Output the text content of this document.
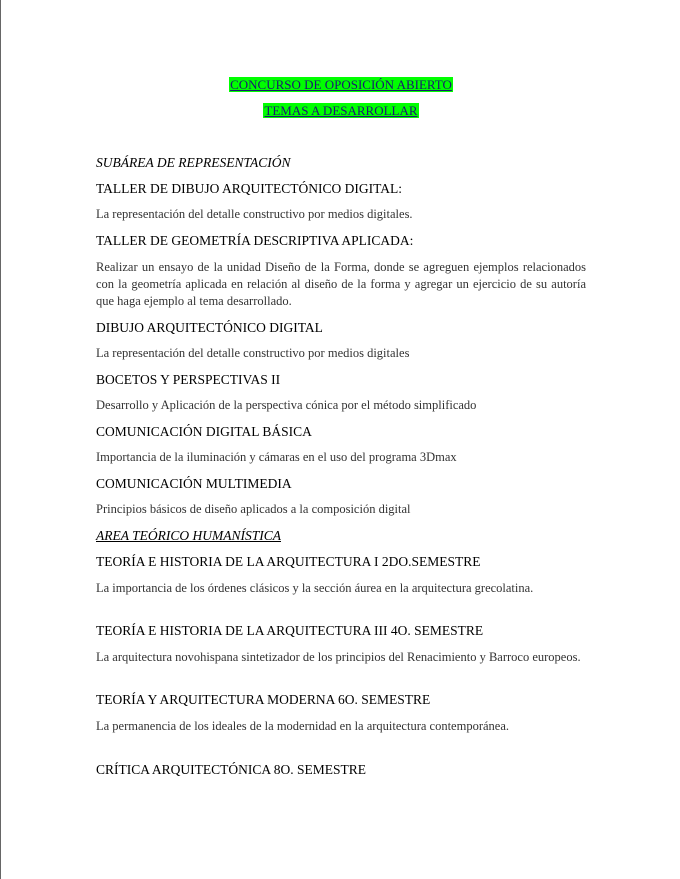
CONCURSO DE OPOSICIÓN ABIERTO
TEMAS A DESARROLLAR
SUBÁREA DE REPRESENTACIÓN
TALLER DE DIBUJO ARQUITECTÓNICO DIGITAL:
La representación del detalle constructivo por medios digitales.
TALLER DE GEOMETRÍA DESCRIPTIVA APLICADA:
Realizar un ensayo de la unidad Diseño de la Forma, donde se agreguen ejemplos relacionados con la geometría aplicada en relación al diseño de la forma y agregar un ejercicio de su autoría que haga ejemplo al tema desarrollado.
DIBUJO ARQUITECTÓNICO DIGITAL
La representación del detalle constructivo por medios digitales
BOCETOS Y PERSPECTIVAS II
Desarrollo y Aplicación de la perspectiva cónica por el método simplificado
COMUNICACIÓN DIGITAL BÁSICA
Importancia de la iluminación y cámaras en el uso del programa 3Dmax
COMUNICACIÓN MULTIMEDIA
Principios básicos de diseño aplicados a la composición digital
AREA TEÓRICO HUMANÍSTICA
TEORÍA E HISTORIA DE LA ARQUITECTURA I 2DO.SEMESTRE
La importancia de los órdenes clásicos y la sección áurea en la arquitectura grecolatina.
TEORÍA E HISTORIA DE LA ARQUITECTURA III 4O. SEMESTRE
La arquitectura novohispana sintetizador de los principios del Renacimiento y Barroco europeos.
TEORÍA Y ARQUITECTURA MODERNA 6O. SEMESTRE
La permanencia de los ideales de la modernidad en la arquitectura contemporánea.
CRÍTICA ARQUITECTÓNICA 8O. SEMESTRE
